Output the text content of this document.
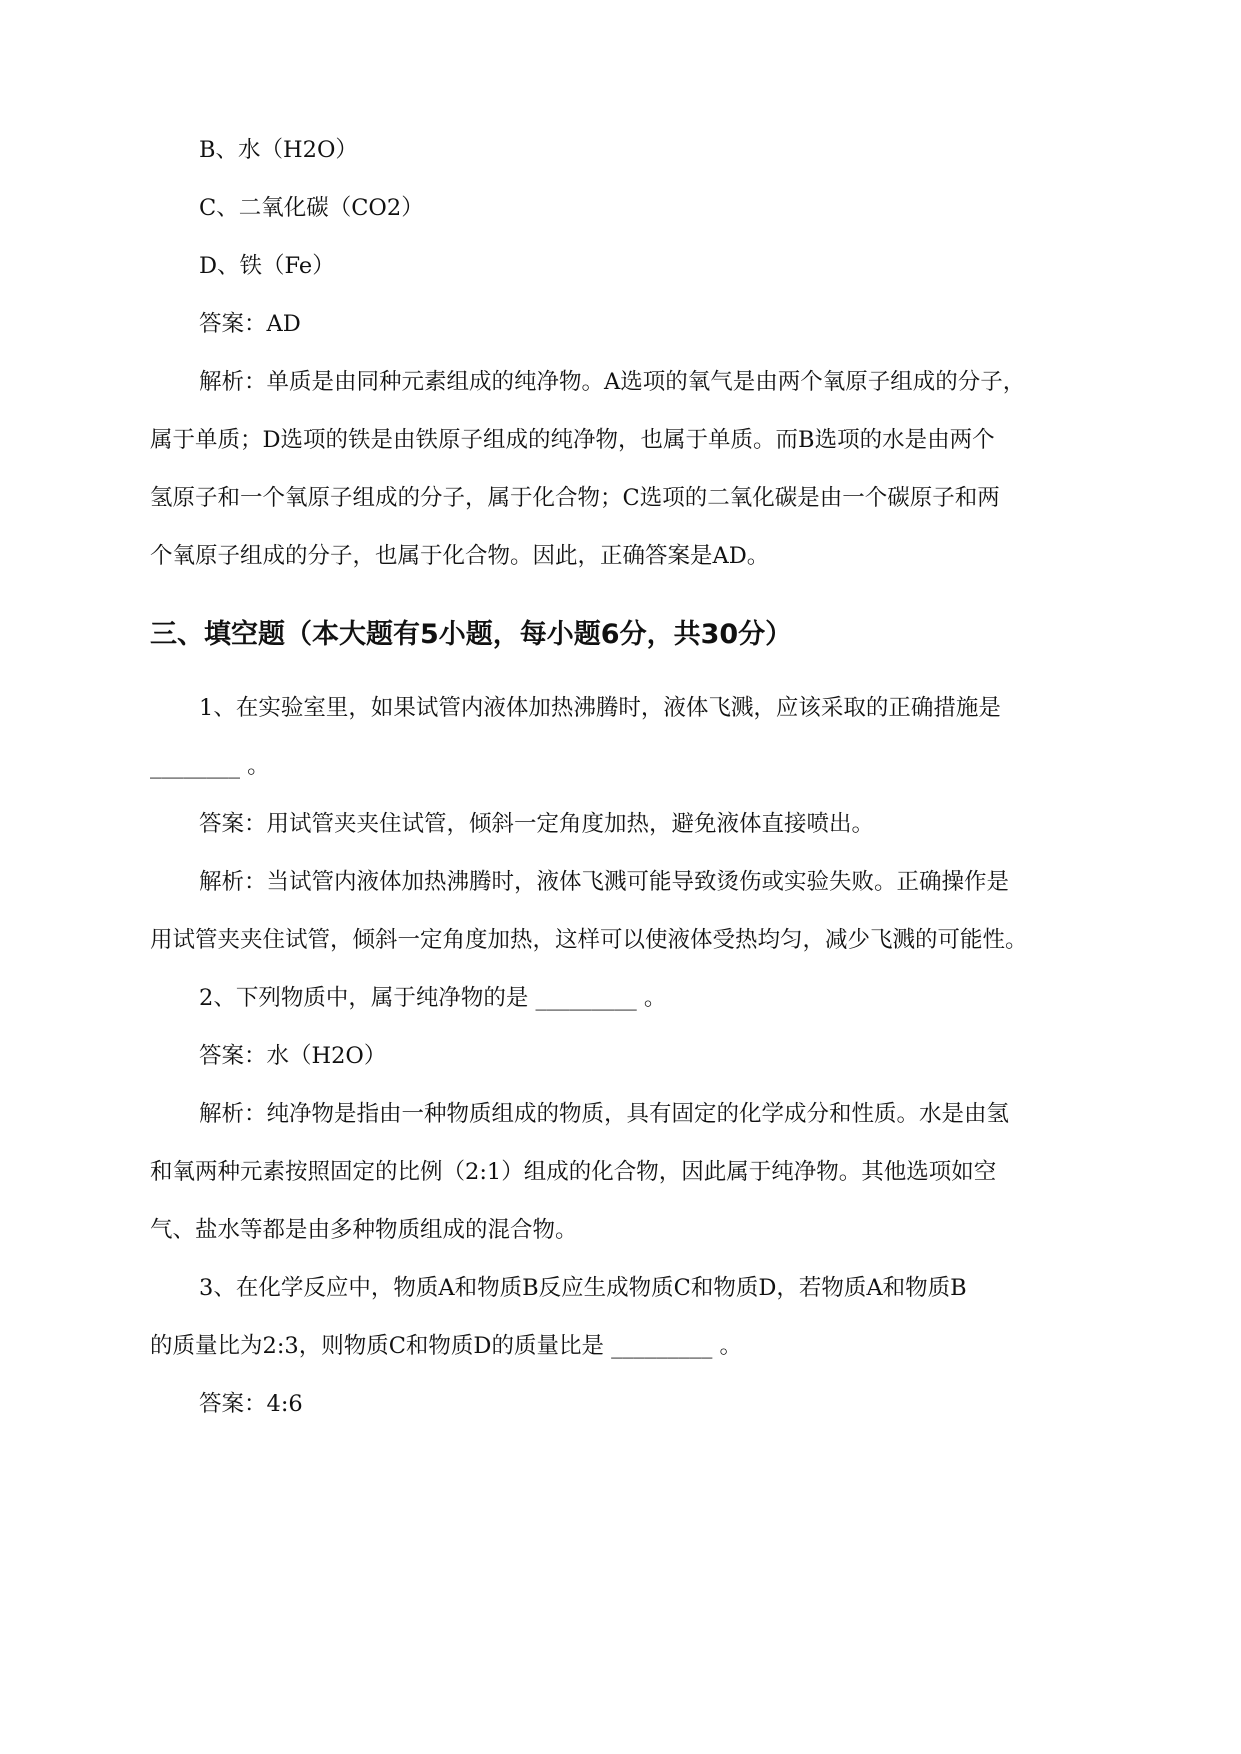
B、水（H2O）
C、二氧化碳（CO2）
D、铁（Fe）
答案：AD
解析：单质是由同种元素组成的纯净物。A选项的氧气是由两个氧原子组成的分子，
属于单质；D选项的铁是由铁原子组成的纯净物，也属于单质。而B选项的水是由两个
氢原子和一个氧原子组成的分子，属于化合物；C选项的二氧化碳是由一个碳原子和两
个氧原子组成的分子，也属于化合物。因此，正确答案是AD。
三、填空题（本大题有5小题，每小题6分，共30分）
1、在实验室里，如果试管内液体加热沸腾时，液体飞溅，应该采取的正确措施是
________ 。
答案：用试管夹夹住试管，倾斜一定角度加热，避免液体直接喷出。
解析：当试管内液体加热沸腾时，液体飞溅可能导致烫伤或实验失败。正确操作是
用试管夹夹住试管，倾斜一定角度加热，这样可以使液体受热均匀，减少飞溅的可能性。
2、下列物质中，属于纯净物的是 _________ 。
答案：水（H2O）
解析：纯净物是指由一种物质组成的物质，具有固定的化学成分和性质。水是由氢
和氧两种元素按照固定的比例（2:1）组成的化合物，因此属于纯净物。其他选项如空
气、盐水等都是由多种物质组成的混合物。
3、在化学反应中，物质A和物质B反应生成物质C和物质D，若物质A和物质B
的质量比为2:3，则物质C和物质D的质量比是 _________ 。
答案：4:6
